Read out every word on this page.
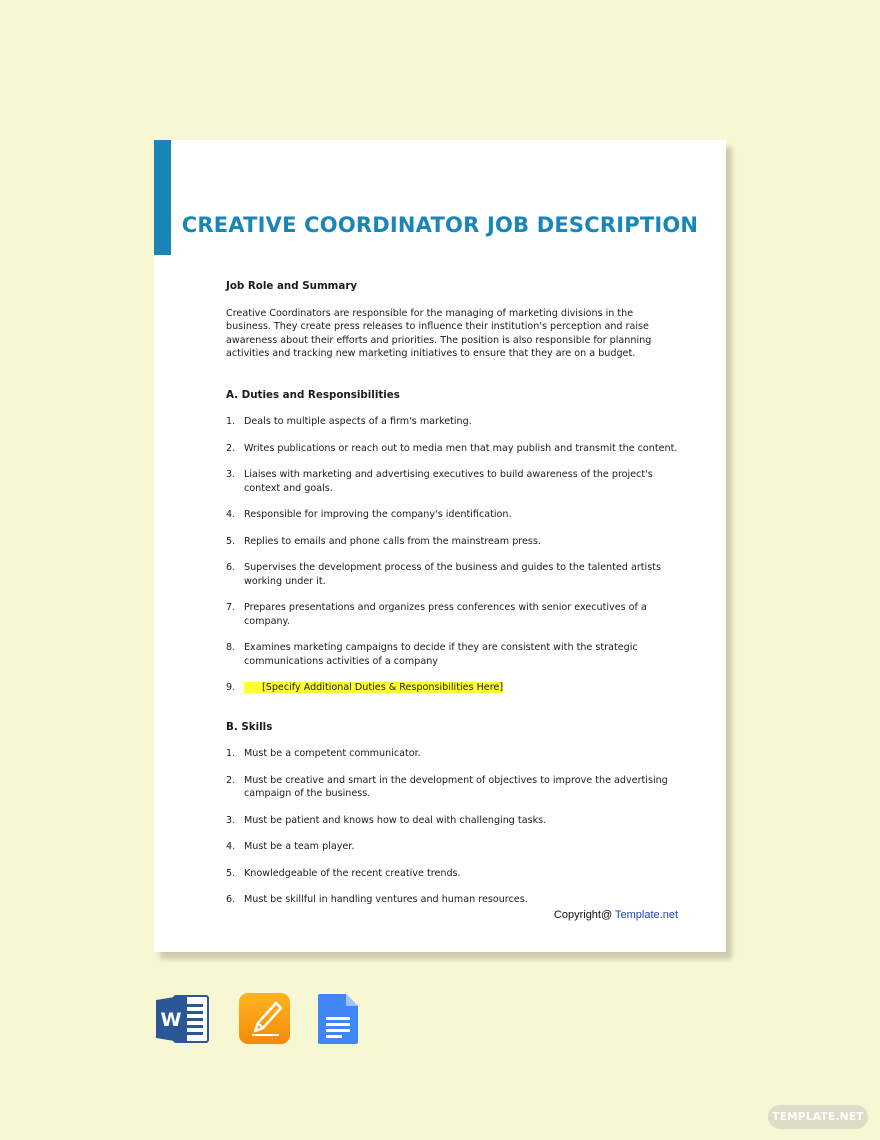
CREATIVE COORDINATOR JOB DESCRIPTION

Job Role and Summary

Creative Coordinators are responsible for the managing of marketing divisions in the business. They create press releases to influence their institution's perception and raise awareness about their efforts and priorities. The position is also responsible for planning activities and tracking new marketing initiatives to ensure that they are on a budget.

A. Duties and Responsibilities

1. Deals to multiple aspects of a firm's marketing.
2. Writes publications or reach out to media men that may publish and transmit the content.
3. Liaises with marketing and advertising executives to build awareness of the project's context and goals.
4. Responsible for improving the company's identification.
5. Replies to emails and phone calls from the mainstream press.
6. Supervises the development process of the business and guides to the talented artists working under it.
7. Prepares presentations and organizes press conferences with senior executives of a company.
8. Examines marketing campaigns to decide if they are consistent with the strategic communications activities of a company
9.	[Specify Additional Duties & Responsibilities Here]

B. Skills

1. Must be a competent communicator.
2. Must be creative and smart in the development of objectives to improve the advertising campaign of the business.
3. Must be patient and knows how to deal with challenging tasks.
4. Must be a team player.
5. Knowledgeable of the recent creative trends.
6. Must be skillful in handling ventures and human resources.
Copyright@ Template.net
W
TEMPLATE.NET
